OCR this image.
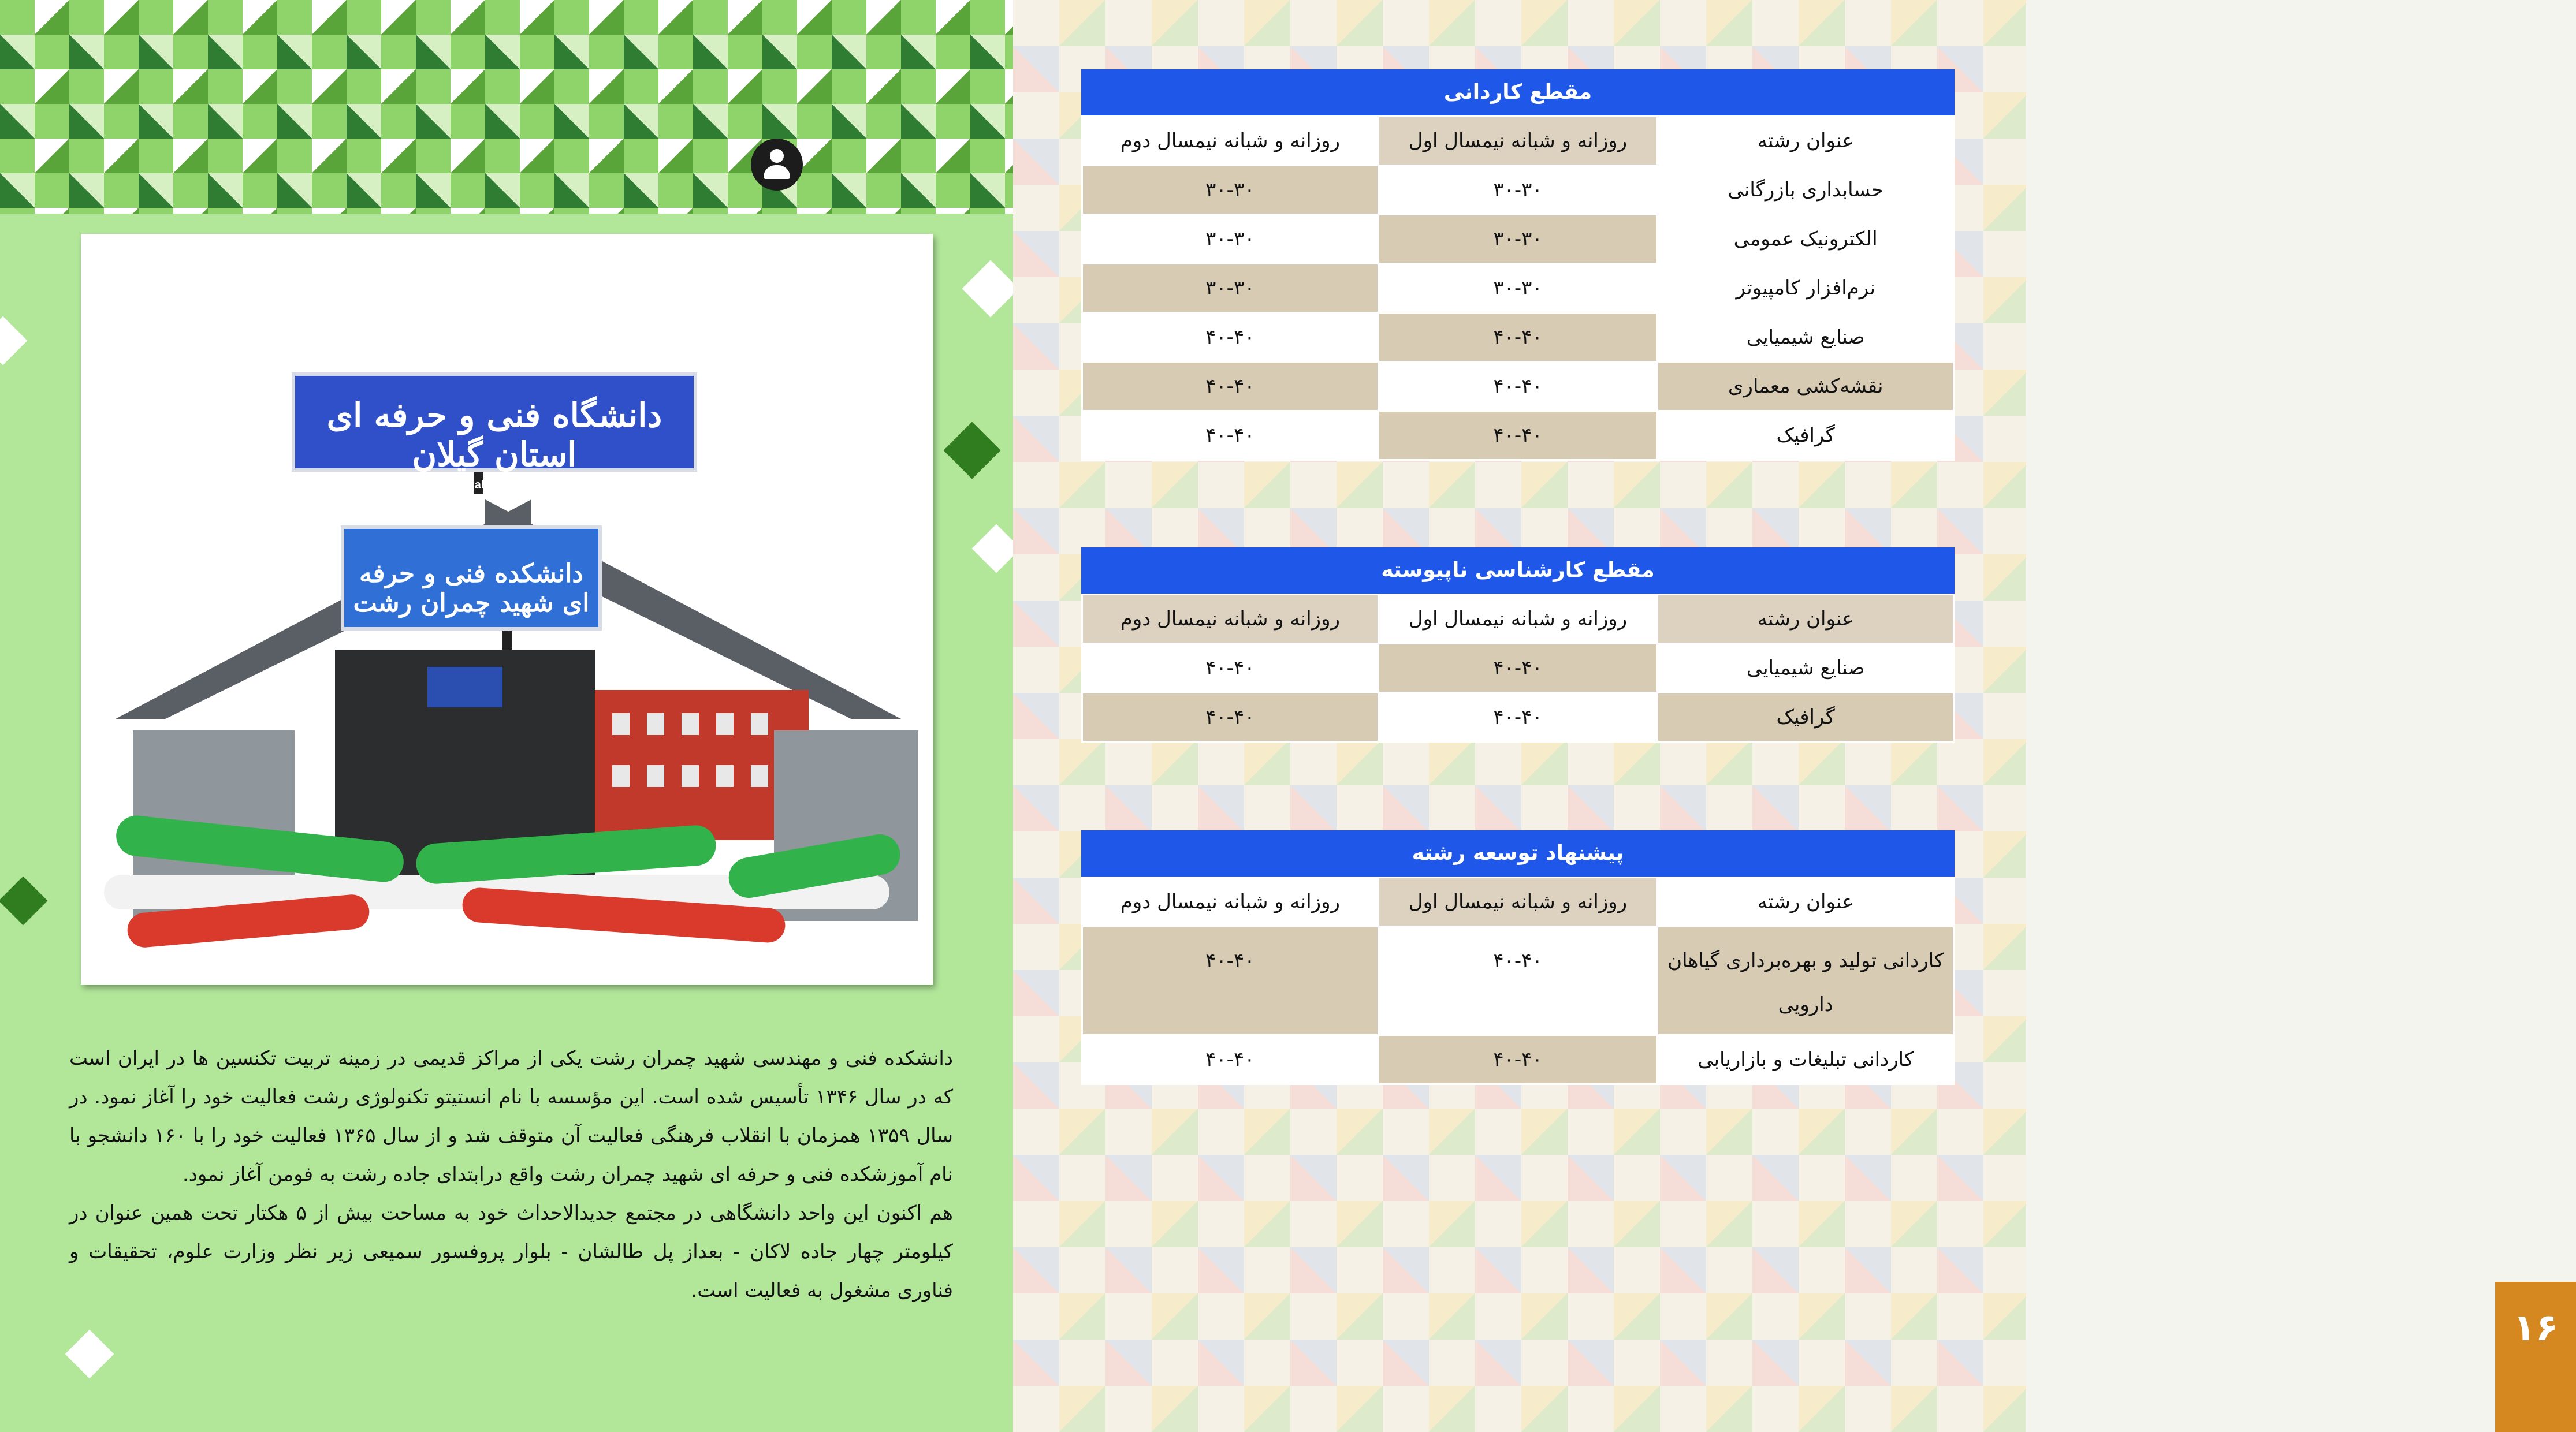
دانشگاه فنی و حرفه ای استان گیلان
Technical and Vocational University of Gilan Province
دانشکده فنی و حرفه ای شهید چمران رشت

دانشکده فنی و مهندسی شهید چمران رشت یکی از مراکز قدیمی در زمینه تربیت تکنسین ها در ایران است که در سال ۱۳۴۶ تأسیس شده است. این مؤسسه با نام انستیتو تکنولوژی رشت فعالیت خود را آغاز نمود. در سال ۱۳۵۹ همزمان با انقلاب فرهنگی فعالیت آن متوقف شد و از سال ۱۳۶۵ فعالیت خود را با ۱۶۰ دانشجو با نام آموزشکده فنی و حرفه ای شهید چمران رشت واقع درابتدای جاده رشت به فومن آغاز نمود.

هم اکنون این واحد دانشگاهی در مجتمع جدیدالاحداث خود به مساحت بیش از ۵ هکتار تحت همین عنوان در کیلومتر چهار جاده لاکان - بعداز پل طالشان - بلوار پروفسور سمیعی زیر نظر وزارت علوم، تحقیقات و فناوری مشغول به فعالیت است.

مقطع کاردانی
عنوان رشته	روزانه و شبانه نیمسال اول	روزانه و شبانه نیمسال دوم
حسابداری بازرگانی	۳۰-۳۰	۳۰-۳۰
الکترونیک عمومی	۳۰-۳۰	۳۰-۳۰
نرم‌افزار کامپیوتر	۳۰-۳۰	۳۰-۳۰
صنایع شیمیایی	۴۰-۴۰	۴۰-۴۰
نقشه‌کشی معماری	۴۰-۴۰	۴۰-۴۰
گرافیک	۴۰-۴۰	۴۰-۴۰
مقطع کارشناسی ناپیوسته
عنوان رشته	روزانه و شبانه نیمسال اول	روزانه و شبانه نیمسال دوم
صنایع شیمیایی	۴۰-۴۰	۴۰-۴۰
گرافیک	۴۰-۴۰	۴۰-۴۰
پیشنهاد توسعه رشته
عنوان رشته	روزانه و شبانه نیمسال اول	روزانه و شبانه نیمسال دوم
کاردانی تولید و بهره‌برداری گیاهان دارویی	۴۰-۴۰	۴۰-۴۰
کاردانی تبلیغات و بازاریابی	۴۰-۴۰	۴۰-۴۰
۱۶
